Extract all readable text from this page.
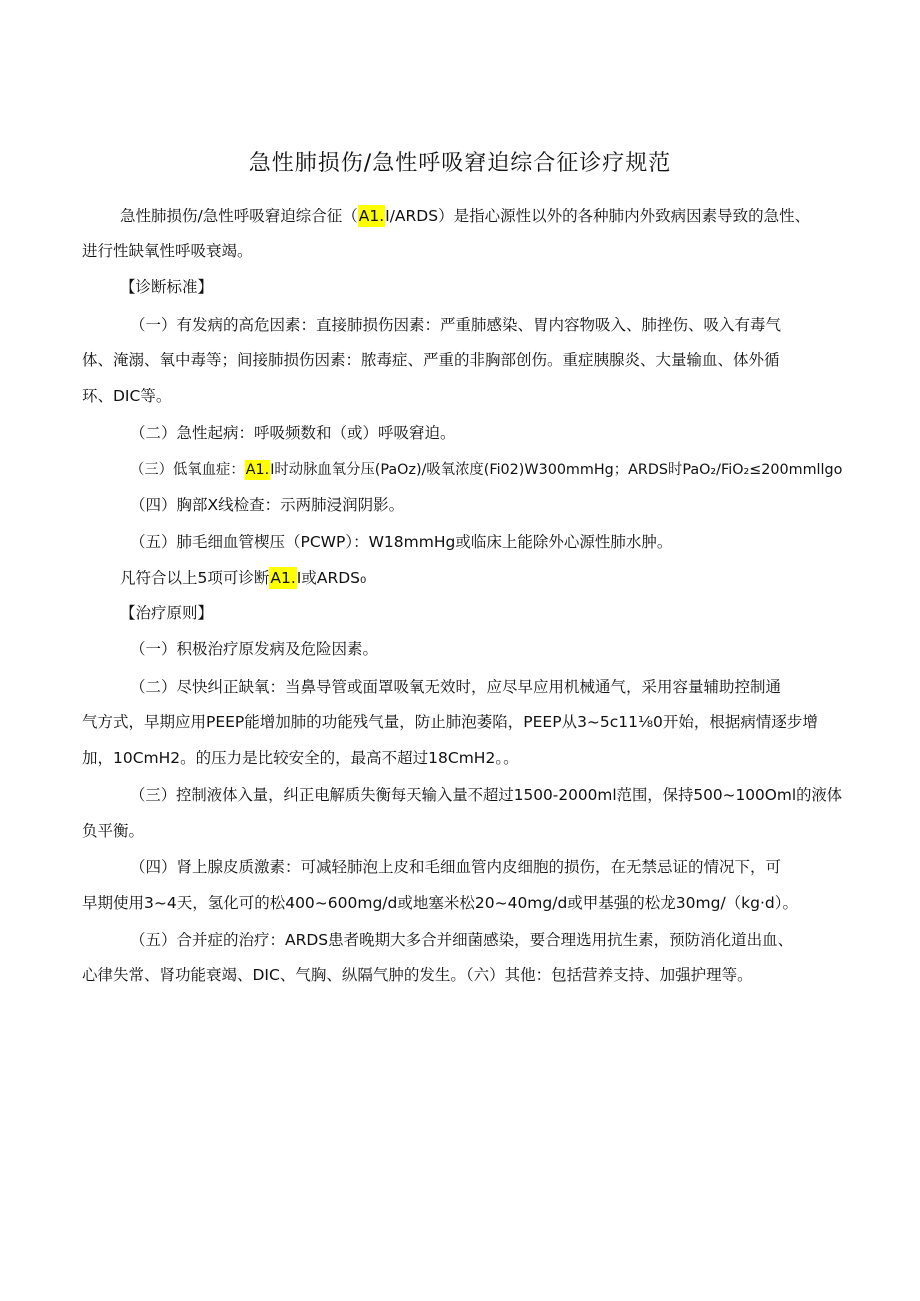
急性肺损伤/急性呼吸窘迫综合征诊疗规范
急性肺损伤/急性呼吸窘迫综合征（A1.I/ARDS）是指心源性以外的各种肺内外致病因素导致的急性、
进行性缺氧性呼吸衰竭。
【诊断标准】
（一）有发病的高危因素：直接肺损伤因素：严重肺感染、胃内容物吸入、肺挫伤、吸入有毒气
体、淹溺、氧中毒等；间接肺损伤因素：脓毒症、严重的非胸部创伤。重症胰腺炎、大量输血、体外循
环、DIC等。
（二）急性起病：呼吸频数和（或）呼吸窘迫。
（三）低氧血症：A1.I时动脉血氧分压(PaOz)/吸氧浓度(Fi02)W300mmHg；ARDS时PaO₂/FiO₂≤200mmllgo
（四）胸部X线检查：示两肺浸润阴影。
（五）肺毛细血管楔压（PCWP）：W18mmHg或临床上能除外心源性肺水肿。
凡符合以上5项可诊断A1.I或ARDS₀
【治疗原则】
（一）积极治疗原发病及危险因素。
（二）尽快纠正缺氧：当鼻导管或面罩吸氧无效时，应尽早应用机械通气，采用容量辅助控制通
气方式，早期应用PEEP能增加肺的功能残气量，防止肺泡萎陷，PEEP从3~5c11⅛0开始，根据病情逐步增
加，10CmH2。的压力是比较安全的，最高不超过18CmH2。。
（三）控制液体入量，纠正电解质失衡每天输入量不超过1500-2000ml范围，保持500~100Oml的液体
负平衡。
（四）肾上腺皮质激素：可减轻肺泡上皮和毛细血管内皮细胞的损伤，在无禁忌证的情况下，可
早期使用3~4天，氢化可的松400~600mg∕d或地塞米松20~40mg∕d或甲基强的松龙30mg∕（kg·d）。
（五）合并症的治疗：ARDS患者晚期大多合并细菌感染，要合理选用抗生素，预防消化道出血、
心律失常、肾功能衰竭、DIC、气胸、纵隔气肿的发生。（六）其他：包括营养支持、加强护理等。
